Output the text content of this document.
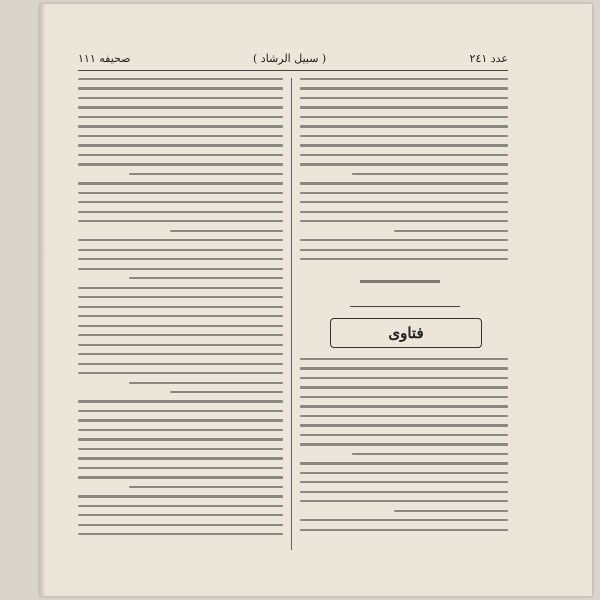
صحيفه ١١١	( سبيل الرشاد )	عدد ٢٤١
فتاوى
